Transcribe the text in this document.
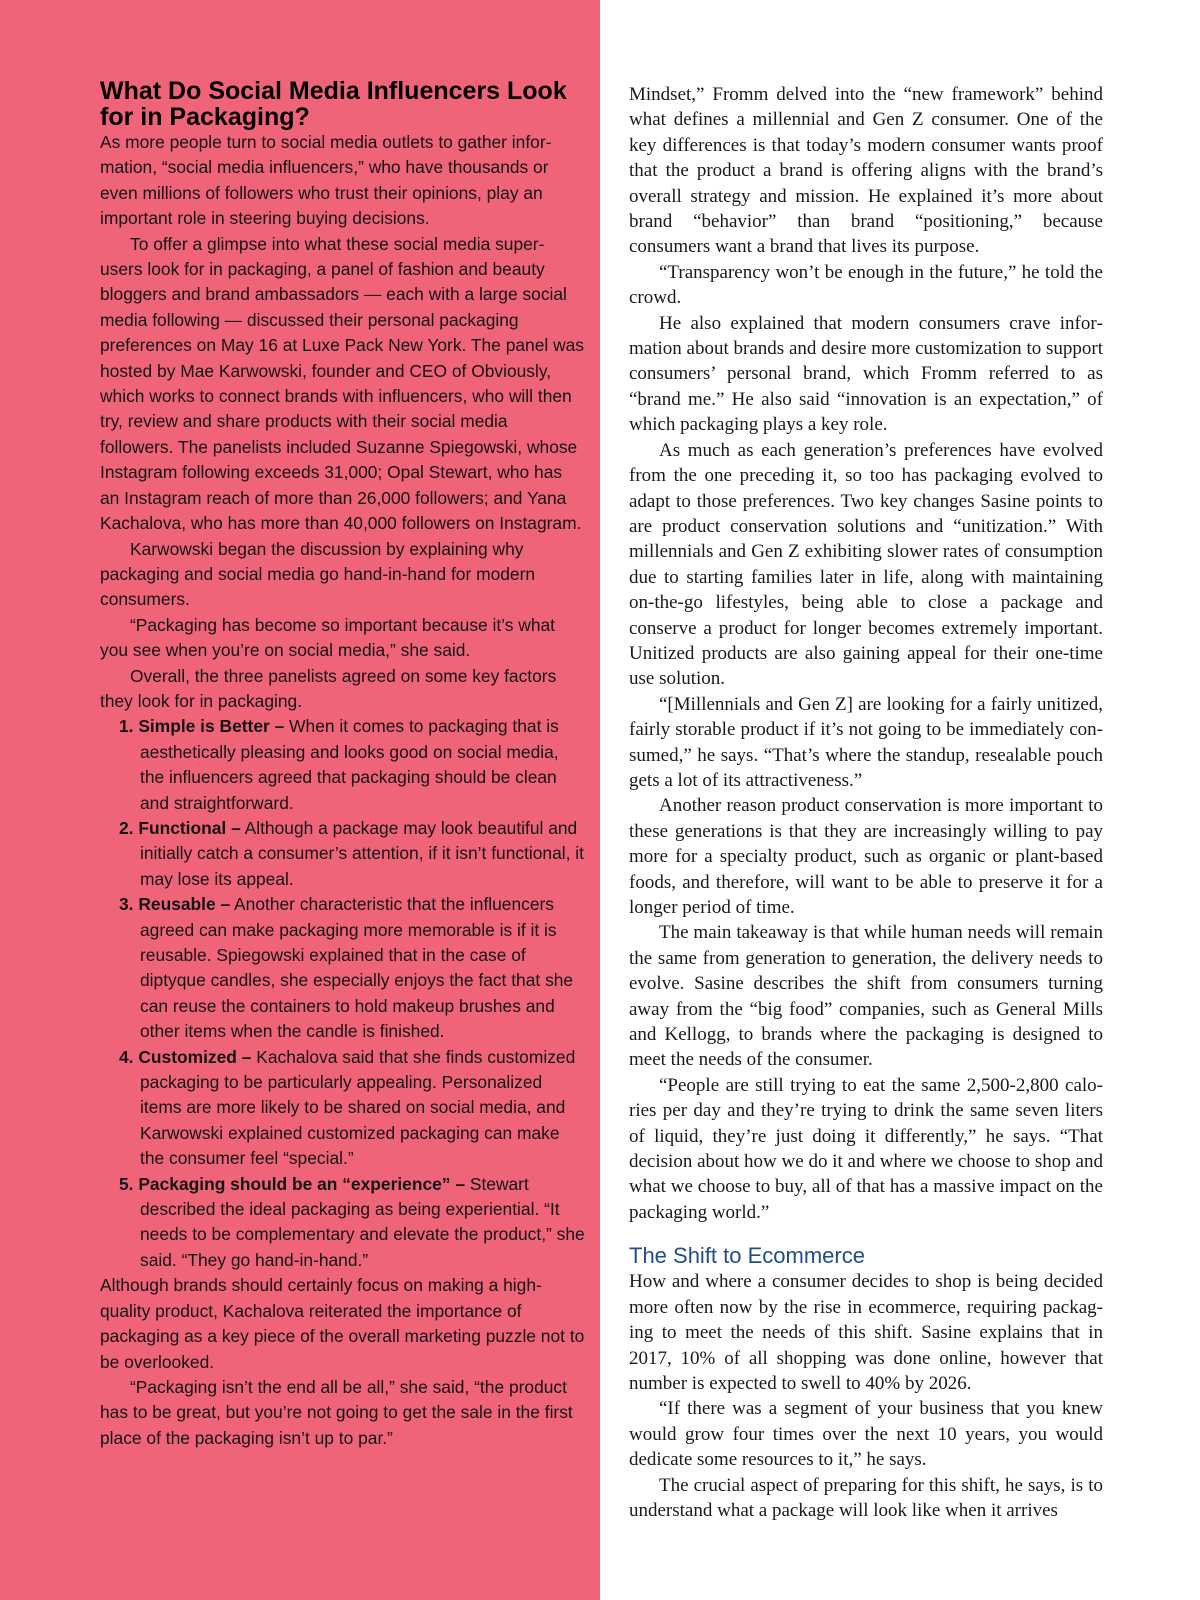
What Do Social Media Influencers Look for in Packaging?

As more people turn to social media outlets to gather information, “social media influencers,” who have thousands or even millions of followers who trust their opinions, play an important role in steering buying decisions.

To offer a glimpse into what these social media super-users look for in packaging, a panel of fashion and beauty bloggers and brand ambassadors — each with a large social media following — discussed their personal packaging preferences on May 16 at Luxe Pack New York. The panel was hosted by Mae Karwowski, founder and CEO of Obviously, which works to connect brands with influencers, who will then try, review and share products with their social media followers. The panelists included Suzanne Spiegowski, whose Instagram following exceeds 31,000; Opal Stewart, who has an Instagram reach of more than 26,000 followers; and Yana Kachalova, who has more than 40,000 followers on Instagram.

Karwowski began the discussion by explaining why packaging and social media go hand-in-hand for modern consumers.

“Packaging has become so important because it’s what you see when you’re on social media,” she said.

Overall, the three panelists agreed on some key factors they look for in packaging.

1. Simple is Better – When it comes to packaging that is aesthetically pleasing and looks good on social media, the influencers agreed that packaging should be clean and straightforward.
2. Functional – Although a package may look beautiful and initially catch a consumer’s attention, if it isn’t functional, it may lose its appeal.
3. Reusable – Another characteristic that the influencers agreed can make packaging more memorable is if it is reusable. Spiegowski explained that in the case of diptyque candles, she especially enjoys the fact that she can reuse the containers to hold makeup brushes and other items when the candle is finished.
4. Customized – Kachalova said that she finds customized packaging to be particularly appealing. Personalized items are more likely to be shared on social media, and Karwowski explained customized packaging can make the consumer feel “special.”
5. Packaging should be an “experience” – Stewart described the ideal packaging as being experiential. “It needs to be complementary and elevate the product,” she said. “They go hand-in-hand.”

Although brands should certainly focus on making a high-quality product, Kachalova reiterated the importance of packaging as a key piece of the overall marketing puzzle not to be overlooked.

“Packaging isn’t the end all be all,” she said, “the product has to be great, but you’re not going to get the sale in the first place of the packaging isn’t up to par.”

Mindset,” Fromm delved into the “new framework” behind what defines a millennial and Gen Z consumer. One of the key differences is that today’s modern consumer wants proof that the product a brand is offering aligns with the brand’s overall strategy and mission. He explained it’s more about brand “behavior” than brand “positioning,” because consumers want a brand that lives its purpose.

“Transparency won’t be enough in the future,” he told the crowd.

He also explained that modern consumers crave information about brands and desire more customization to support consumers’ personal brand, which Fromm referred to as “brand me.” He also said “innovation is an expectation,” of which packaging plays a key role.

As much as each generation’s preferences have evolved from the one preceding it, so too has packaging evolved to adapt to those preferences. Two key changes Sasine points to are product conservation solutions and “unitization.” With millennials and Gen Z exhibiting slower rates of consumption due to starting families later in life, along with maintaining on-the-go lifestyles, being able to close a package and conserve a product for longer becomes extremely important. Unitized products are also gaining appeal for their one-time use solution.

“[Millennials and Gen Z] are looking for a fairly unitized, fairly storable product if it’s not going to be immediately consumed,” he says. “That’s where the standup, resealable pouch gets a lot of its attractiveness.”

Another reason product conservation is more important to these generations is that they are increasingly willing to pay more for a specialty product, such as organic or plant-based foods, and therefore, will want to be able to preserve it for a longer period of time.

The main takeaway is that while human needs will remain the same from generation to generation, the delivery needs to evolve. Sasine describes the shift from consumers turning away from the “big food” companies, such as General Mills and Kellogg, to brands where the packaging is designed to meet the needs of the consumer.

“People are still trying to eat the same 2,500-2,800 calories per day and they’re trying to drink the same seven liters of liquid, they’re just doing it differently,” he says. “That decision about how we do it and where we choose to shop and what we choose to buy, all of that has a massive impact on the packaging world.”

The Shift to Ecommerce

How and where a consumer decides to shop is being decided more often now by the rise in ecommerce, requiring packaging to meet the needs of this shift. Sasine explains that in 2017, 10% of all shopping was done online, however that number is expected to swell to 40% by 2026.

“If there was a segment of your business that you knew would grow four times over the next 10 years, you would dedicate some resources to it,” he says.

The crucial aspect of preparing for this shift, he says, is to understand what a package will look like when it arrives
